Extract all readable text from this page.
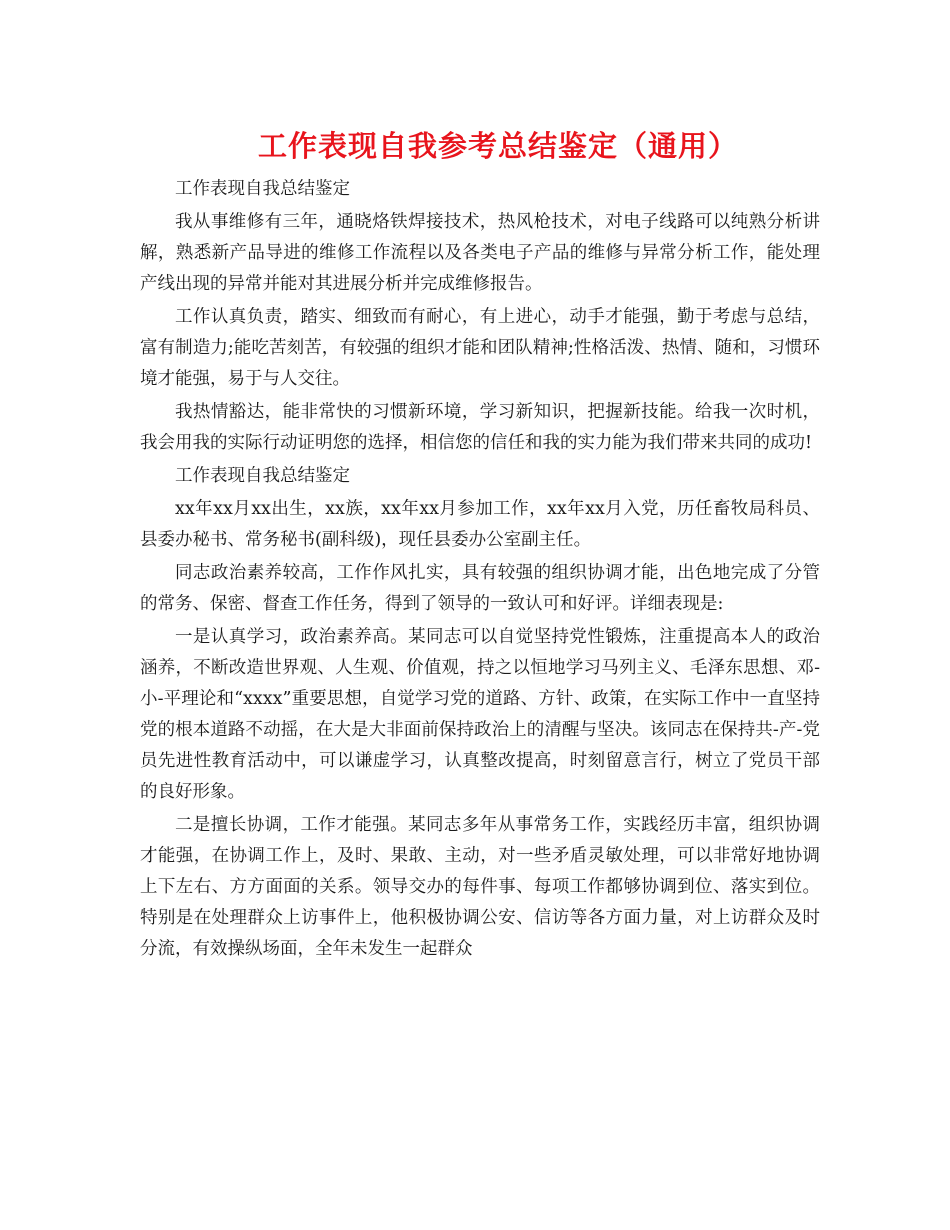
工作表现自我参考总结鉴定（通用）

工作表现自我总结鉴定

我从事维修有三年，通晓烙铁焊接技术，热风枪技术，对电子线路可以纯熟分析讲解，熟悉新产品导进的维修工作流程以及各类电子产品的维修与异常分析工作，能处理产线出现的异常并能对其进展分析并完成维修报告。

工作认真负责，踏实、细致而有耐心，有上进心，动手才能强，勤于考虑与总结，富有制造力;能吃苦刻苦，有较强的组织才能和团队精神;性格活泼、热情、随和，习惯环境才能强，易于与人交往。

我热情豁达，能非常快的习惯新环境，学习新知识，把握新技能。给我一次时机，我会用我的实际行动证明您的选择，相信您的信任和我的实力能为我们带来共同的成功!

工作表现自我总结鉴定

xx年xx月xx出生，xx族，xx年xx月参加工作，xx年xx月入党，历任畜牧局科员、县委办秘书、常务秘书(副科级)，现任县委办公室副主任。

同志政治素养较高，工作作风扎实，具有较强的组织协调才能，出色地完成了分管的常务、保密、督查工作任务，得到了领导的一致认可和好评。详细表现是:

一是认真学习，政治素养高。某同志可以自觉坚持党性锻炼，注重提高本人的政治涵养，不断改造世界观、人生观、价值观，持之以恒地学习马列主义、毛泽东思想、邓-小-平理论和“xxxx”重要思想，自觉学习党的道路、方针、政策，在实际工作中一直坚持党的根本道路不动摇，在大是大非面前保持政治上的清醒与坚决。该同志在保持共-产-党员先进性教育活动中，可以谦虚学习，认真整改提高，时刻留意言行，树立了党员干部的良好形象。

二是擅长协调，工作才能强。某同志多年从事常务工作，实践经历丰富，组织协调才能强，在协调工作上，及时、果敢、主动，对一些矛盾灵敏处理，可以非常好地协调上下左右、方方面面的关系。领导交办的每件事、每项工作都够协调到位、落实到位。特别是在处理群众上访事件上，他积极协调公安、信访等各方面力量，对上访群众及时分流，有效操纵场面，全年未发生一起群众
